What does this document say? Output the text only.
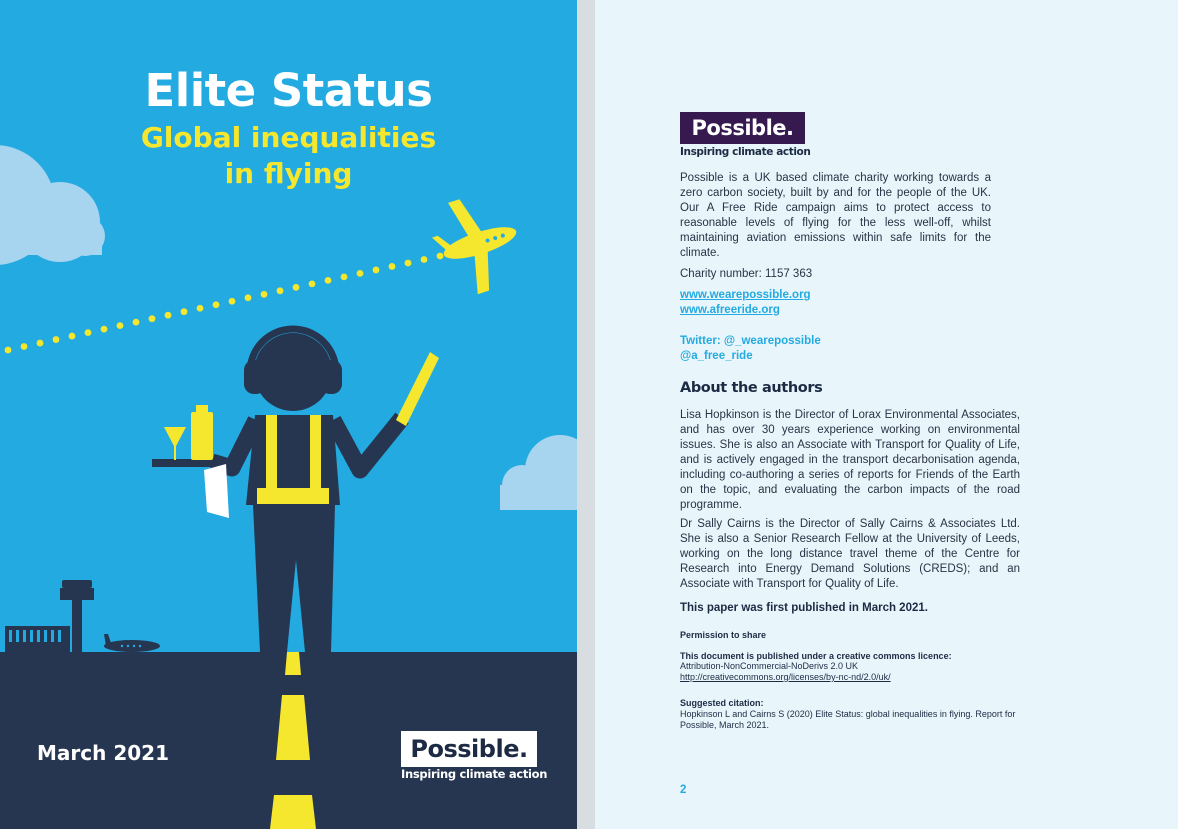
Elite Status
Global inequalities
in flying
March 2021	Possible.
Inspiring climate action
Possible.
Inspiring climate action

Possible is a UK based climate charity working towards a zero carbon society, built by and for the people of the UK. Our A Free Ride campaign aims to protect access to reasonable levels of flying for the less well-off, whilst maintaining aviation emissions within safe limits for the climate.

Charity number: 1157 363
www.wearepossible.org
www.afreeride.org
Twitter: @_wearepossible
@a_free_ride
About the authors

Lisa Hopkinson is the Director of Lorax Environmental Associates, and has over 30 years experience working on environmental issues. She is also an Associate with Transport for Quality of Life, and is actively engaged in the transport decarbonisation agenda, including co-authoring a series of reports for Friends of the Earth on the topic, and evaluating the carbon impacts of the road programme.

Dr Sally Cairns is the Director of Sally Cairns & Associates Ltd. She is also a Senior Research Fellow at the University of Leeds, working on the long distance travel theme of the Centre for Research into Energy Demand Solutions (CREDS); and an Associate with Transport for Quality of Life.

This paper was first published in March 2021.
Permission to share
This document is published under a creative commons licence:
Attribution-NonCommercial-NoDerivs 2.0 UK
http://creativecommons.org/licenses/by-nc-nd/2.0/uk/
Suggested citation:
Hopkinson L and Cairns S (2020) Elite Status: global inequalities in flying. Report for Possible, March 2021.
2
